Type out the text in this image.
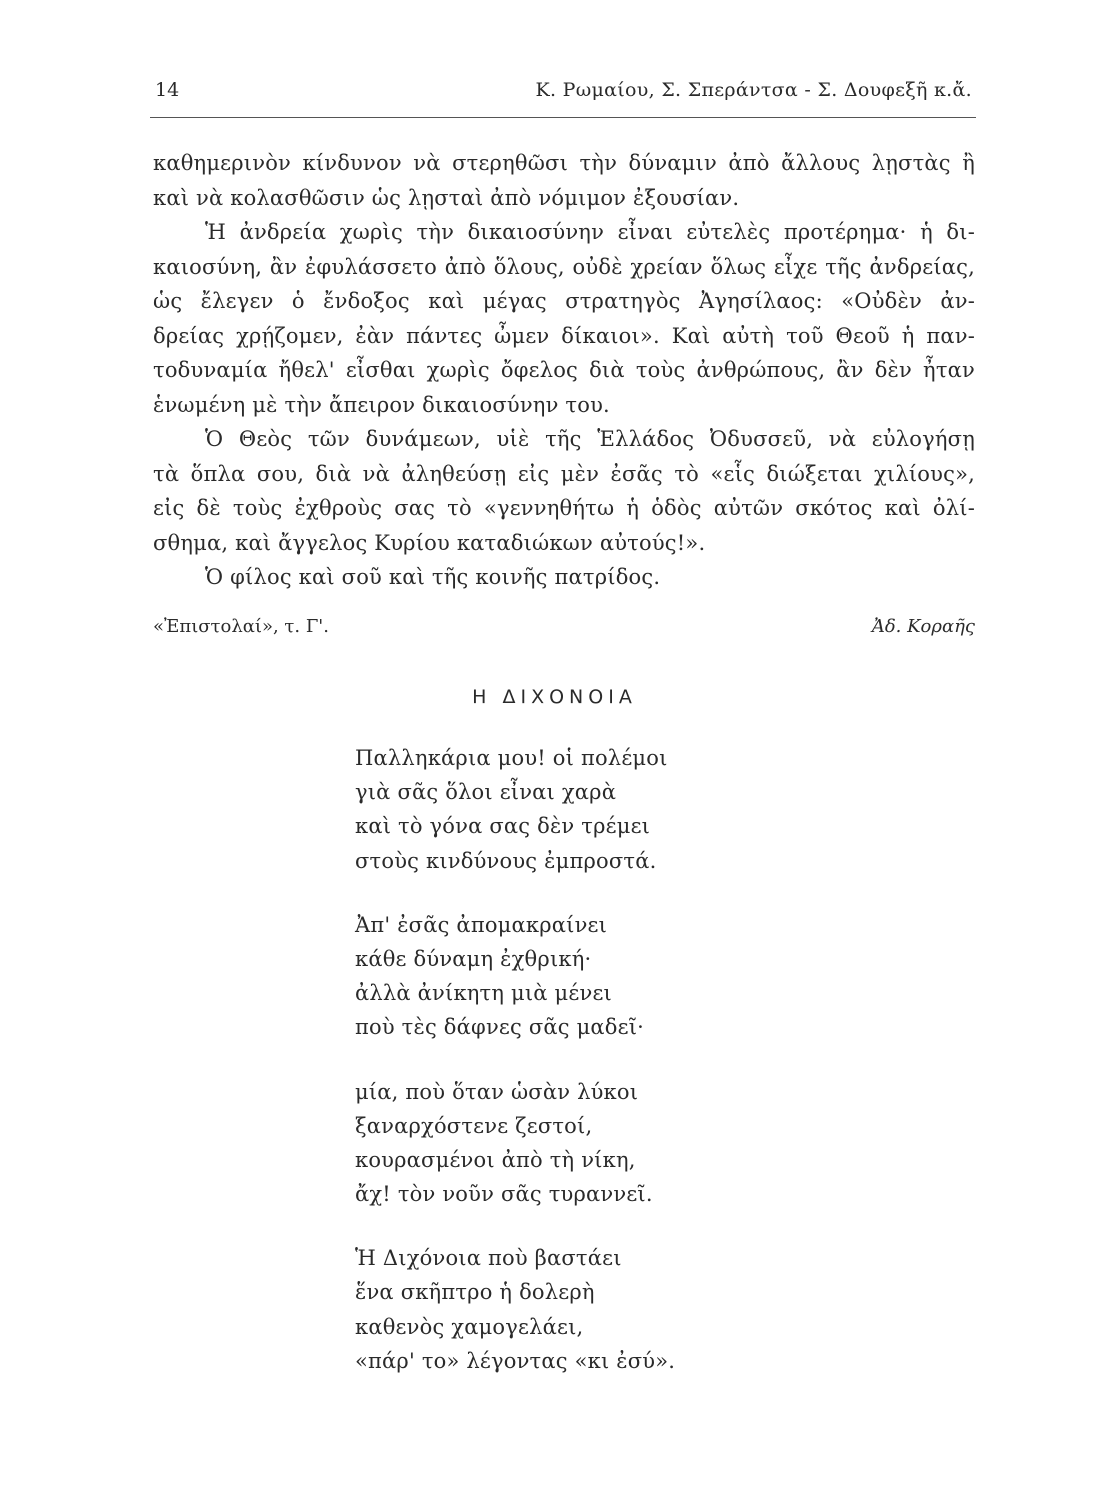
14	Κ. Ρωμαίου, Σ. Σπεράντσα - Σ. Δουφεξῆ κ.ἄ.
καθημερινὸν κίνδυνον νὰ στερηθῶσι τὴν δύναμιν ἀπὸ ἄλλους λῃστὰς ἢ
καὶ νὰ κολασθῶσιν ὡς λῃσταὶ ἀπὸ νόμιμον ἐξουσίαν.
Ἡ ἀνδρεία χωρὶς τὴν δικαιοσύνην εἶναι εὐτελὲς προτέρημα· ἡ δι-
καιοσύνη, ἂν ἐφυλάσσετο ἀπὸ ὅλους, οὐδὲ χρείαν ὅλως εἶχε τῆς ἀνδρείας,
ὡς ἔλεγεν ὁ ἔνδοξος καὶ μέγας στρατηγὸς Ἀγησίλαος: «Οὐδὲν ἀν-
δρείας χρῄζομεν, ἐὰν πάντες ὦμεν δίκαιοι». Καὶ αὐτὴ τοῦ Θεοῦ ἡ παν-
τοδυναμία ἤθελ' εἶσθαι χωρὶς ὄφελος διὰ τοὺς ἀνθρώπους, ἂν δὲν ἦταν
ἑνωμένη μὲ τὴν ἄπειρον δικαιοσύνην του.
Ὁ Θεὸς τῶν δυνάμεων, υἱὲ τῆς Ἑλλάδος Ὀδυσσεῦ, νὰ εὐλογήσῃ
τὰ ὅπλα σου, διὰ νὰ ἀληθεύσῃ εἰς μὲν ἐσᾶς τὸ «εἷς διώξεται χιλίους»,
εἰς δὲ τοὺς ἐχθροὺς σας τὸ «γεννηθήτω ἡ ὁδὸς αὐτῶν σκότος καὶ ὀλί-
σθημα, καὶ ἄγγελος Κυρίου καταδιώκων αὐτούς!».
Ὁ φίλος καὶ σοῦ καὶ τῆς κοινῆς πατρίδος.
«Ἐπιστολαί», τ. Γ'.	Ἀδ. Κοραῆς
Η ΔΙΧΟΝΟΙΑ
Παλληκάρια μου! οἱ πολέμοι
γιὰ σᾶς ὅλοι εἶναι χαρὰ
καὶ τὸ γόνα σας δὲν τρέμει
στοὺς κινδύνους ἐμπροστά.
Ἀπ' ἐσᾶς ἀπομακραίνει
κάθε δύναμη ἐχθρική·
ἀλλὰ ἀνίκητη μιὰ μένει
ποὺ τὲς δάφνες σᾶς μαδεῖ·
μία, ποὺ ὅταν ὡσὰν λύκοι
ξαναρχόστενε ζεστοί,
κουρασμένοι ἀπὸ τὴ νίκη,
ἄχ! τὸν νοῦν σᾶς τυραννεῖ.
Ἡ Διχόνοια ποὺ βαστάει
ἕνα σκῆπτρο ἡ δολερὴ
καθενὸς χαμογελάει,
«πάρ' το» λέγοντας «κι ἐσύ».
